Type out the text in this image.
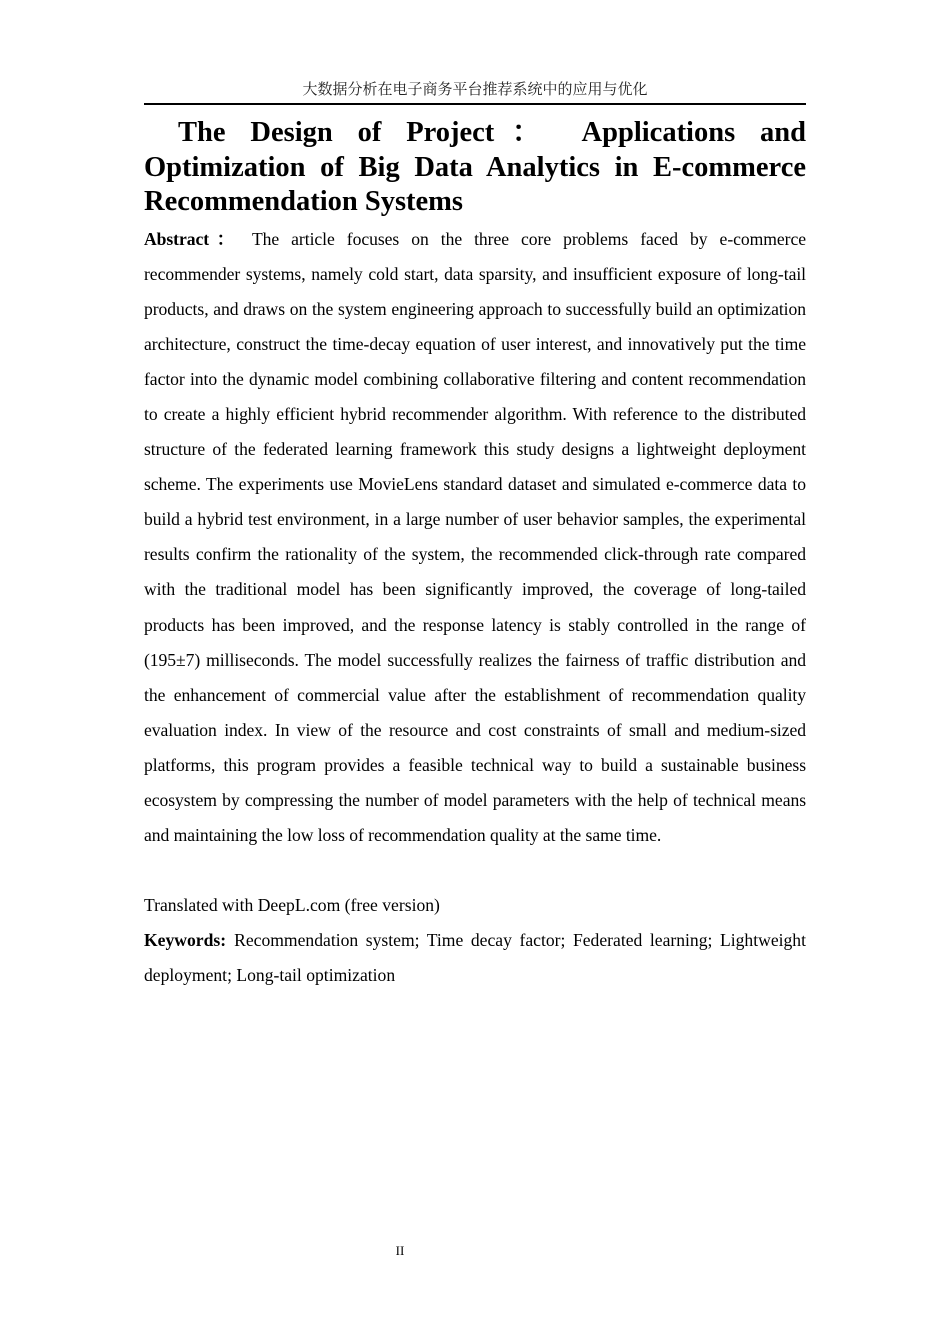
大数据分析在电子商务平台推荐系统中的应用与优化
The Design of Project： Applications and Optimization of Big Data Analytics in E-commerce Recommendation Systems

Abstract： The article focuses on the three core problems faced by e-commerce recommender systems, namely cold start, data sparsity, and insufficient exposure of long-tail products, and draws on the system engineering approach to successfully build an optimization architecture, construct the time-decay equation of user interest, and innovatively put the time factor into the dynamic model combining collaborative filtering and content recommendation to create a highly efficient hybrid recommender algorithm. With reference to the distributed structure of the federated learning framework this study designs a lightweight deployment scheme. The experiments use MovieLens standard dataset and simulated e-commerce data to build a hybrid test environment, in a large number of user behavior samples, the experimental results confirm the rationality of the system, the recommended click-through rate compared with the traditional model has been significantly improved, the coverage of long-tailed products has been improved, and the response latency is stably controlled in the range of (195±7) milliseconds. The model successfully realizes the fairness of traffic distribution and the enhancement of commercial value after the establishment of recommendation quality evaluation index. In view of the resource and cost constraints of small and medium-sized platforms, this program provides a feasible technical way to build a sustainable business ecosystem by compressing the number of model parameters with the help of technical means and maintaining the low loss of recommendation quality at the same time.

Translated with DeepL.com (free version)

Keywords: Recommendation system; Time decay factor; Federated learning; Lightweight deployment; Long-tail optimization

II
